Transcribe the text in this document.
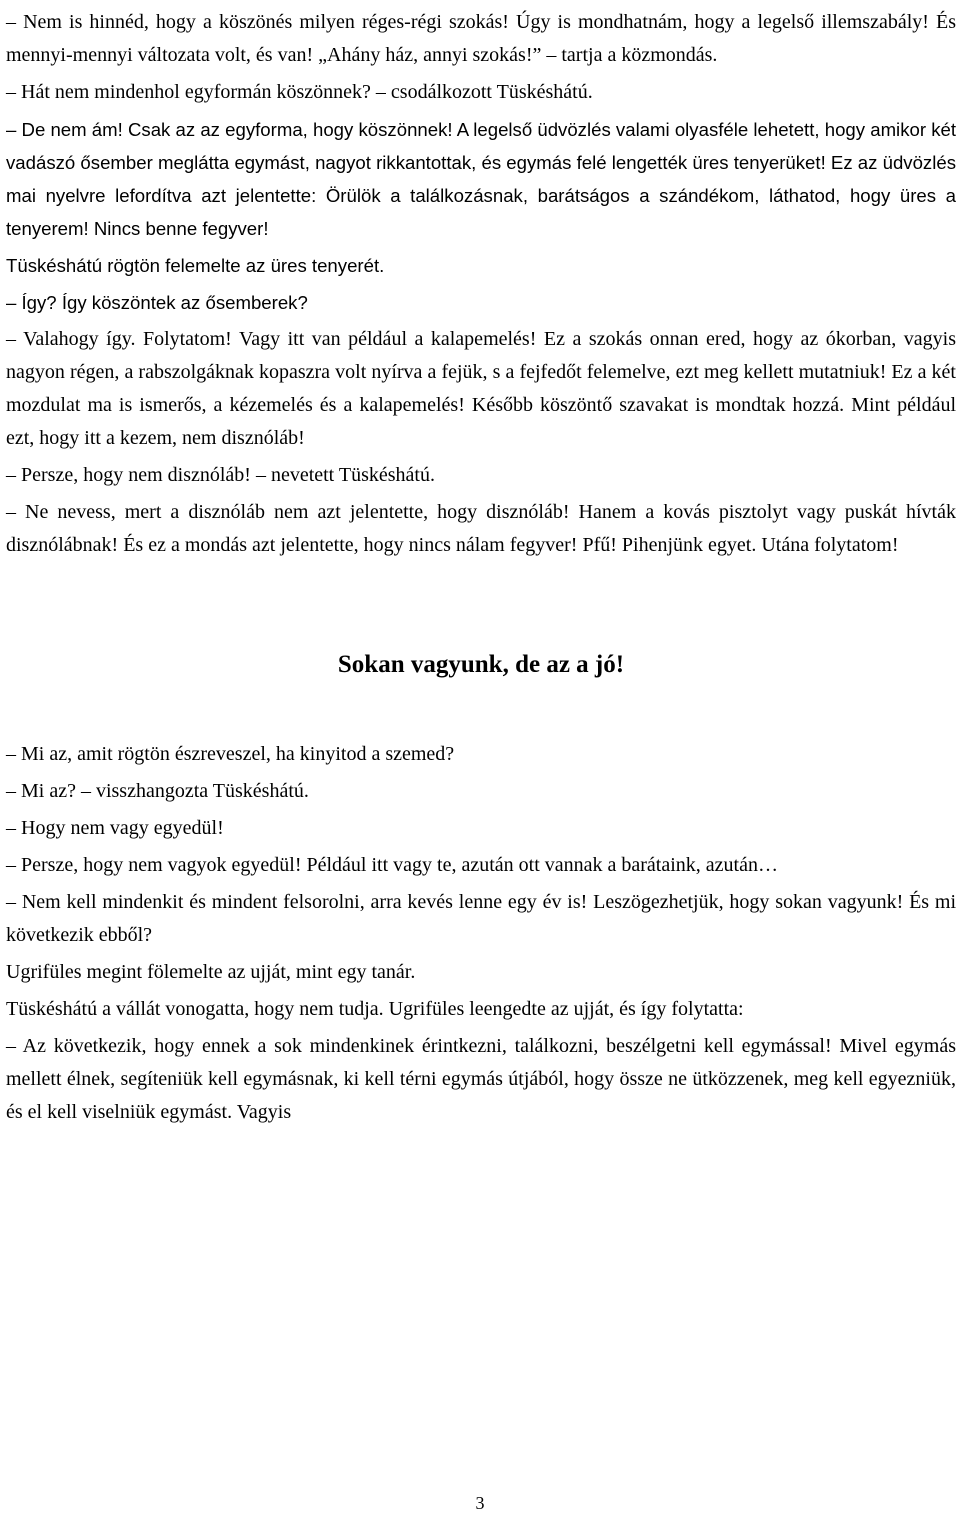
– Nem is hinnéd, hogy a köszönés milyen réges-régi szokás! Úgy is mondhatnám, hogy a legelső illemszabály! És mennyi-mennyi változata volt, és van! „Ahány ház, annyi szokás!” – tartja a közmondás.

– Hát nem mindenhol egyformán köszönnek? – csodálkozott Tüskéshátú.

– De nem ám! Csak az az egyforma, hogy köszönnek! A legelső üdvözlés valami olyasféle lehetett, hogy amikor két vadászó ősember meglátta egymást, nagyot rikkantottak, és egymás felé lengették üres tenyerüket! Ez az üdvözlés mai nyelvre lefordítva azt jelentette: Örülök a találkozásnak, barátságos a szándékom, láthatod, hogy üres a tenyerem! Nincs benne fegyver!

Tüskéshátú rögtön felemelte az üres tenyerét.

– Így? Így köszöntek az ősemberek?

– Valahogy így. Folytatom! Vagy itt van például a kalapemelés! Ez a szokás onnan ered, hogy az ókorban, vagyis nagyon régen, a rabszolgáknak kopaszra volt nyírva a fejük, s a fejfedőt felemelve, ezt meg kellett mutatniuk! Ez a két mozdulat ma is ismerős, a kézemelés és a kalapemelés! Később köszöntő szavakat is mondtak hozzá. Mint például ezt, hogy itt a kezem, nem disznóláb!

– Persze, hogy nem disznóláb! – nevetett Tüskéshátú.

– Ne nevess, mert a disznóláb nem azt jelentette, hogy disznóláb! Hanem a kovás pisztolyt vagy puskát hívták disznólábnak! És ez a mondás azt jelentette, hogy nincs nálam fegyver! Pfű! Pihenjünk egyet. Utána folytatom!

Sokan vagyunk, de az a jó!

– Mi az, amit rögtön észreveszel, ha kinyitod a szemed?

– Mi az? – visszhangozta Tüskéshátú.

– Hogy nem vagy egyedül!

– Persze, hogy nem vagyok egyedül! Például itt vagy te, azután ott vannak a barátaink, azután…

– Nem kell mindenkit és mindent felsorolni, arra kevés lenne egy év is! Leszögezhetjük, hogy sokan vagyunk! És mi következik ebből?

Ugrifüles megint fölemelte az ujját, mint egy tanár.

Tüskéshátú a vállát vonogatta, hogy nem tudja. Ugrifüles leengedte az ujját, és így folytatta:

– Az következik, hogy ennek a sok mindenkinek érintkezni, találkozni, beszélgetni kell egymással! Mivel egymás mellett élnek, segíteniük kell egymásnak, ki kell térni egymás útjából, hogy össze ne ütközzenek, meg kell egyezniük, és el kell viselniük egymást. Vagyis

3
